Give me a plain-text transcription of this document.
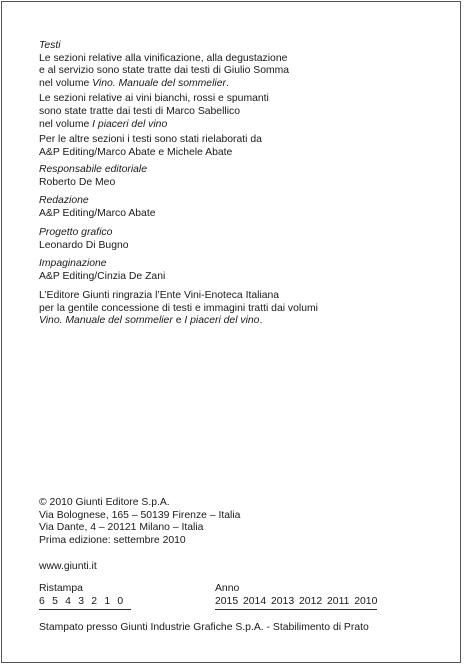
Testi

Le sezioni relative alla vinificazione, alla degustazione

e al servizio sono state tratte dai testi di Giulio Somma

nel volume Vino. Manuale del sommelier.

Le sezioni relative ai vini bianchi, rossi e spumanti

sono state tratte dai testi di Marco Sabellico

nel volume I piaceri del vino

Per le altre sezioni i testi sono stati rielaborati da

A&P Editing/Marco Abate e Michele Abate

Responsabile editoriale

Roberto De Meo

Redazione

A&P Editing/Marco Abate

Progetto grafico

Leonardo Di Bugno

Impaginazione

A&P Editing/Cinzia De Zani

L’Editore Giunti ringrazia l’Ente Vini-Enoteca Italiana

per la gentile concessione di testi e immagini tratti dai volumi

Vino. Manuale del sommelier e I piaceri del vino.

© 2010 Giunti Editore S.p.A.

Via Bolognese, 165 – 50139 Firenze – Italia

Via Dante, 4 – 20121 Milano – Italia

Prima edizione: settembre 2010

www.giunti.it
Ristampa	Anno
6 5 4 3 2 1 0	2015 2014 2013 2012 2011 2010
Stampato presso Giunti Industrie Grafiche S.p.A. - Stabilimento di Prato
